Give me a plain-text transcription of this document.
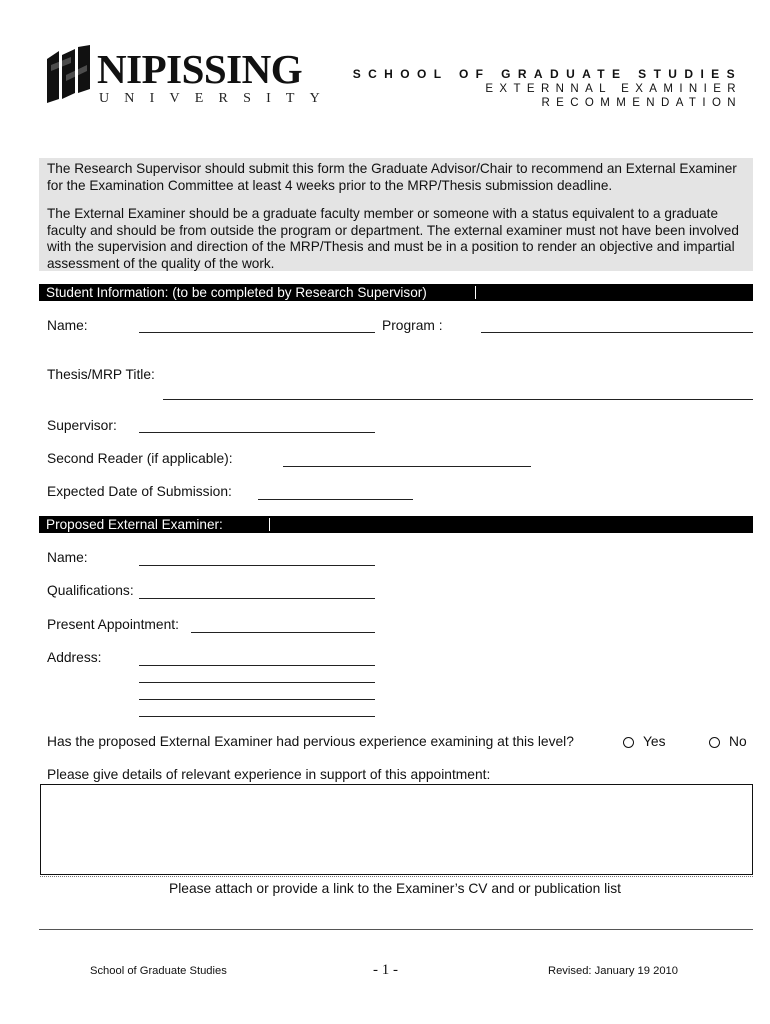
NIPISSING
UNIVERSITY
SCHOOL OF GRADUATE STUDIES
EXTERNNAL EXAMINIER
RECOMMENDATION

The Research Supervisor should submit this form the Graduate Advisor/Chair to recommend an External Examiner for the Examination Committee at least 4 weeks prior to the MRP/Thesis submission deadline.

The External Examiner should be a graduate faculty member or someone with a status equivalent to a graduate faculty and should be from outside the program or department. The external examiner must not have been involved with the supervision and direction of the MRP/Thesis and must be in a position to render an objective and impartial assessment of the quality of the work.

Student Information: (to be completed by Research Supervisor)
Name:	Program :
Thesis/MRP Title:
Supervisor:
Second Reader (if applicable):
Expected Date of Submission:
Proposed External Examiner:
Name:
Qualifications:
Present Appointment:
Address:
Has the proposed External Examiner had pervious experience examining at this level?	Yes	No
Please give details of relevant experience in support of this appointment:
Please attach or provide a link to the Examiner’s CV and or publication list
School of Graduate Studies	- 1 -	Revised: January 19 2010
